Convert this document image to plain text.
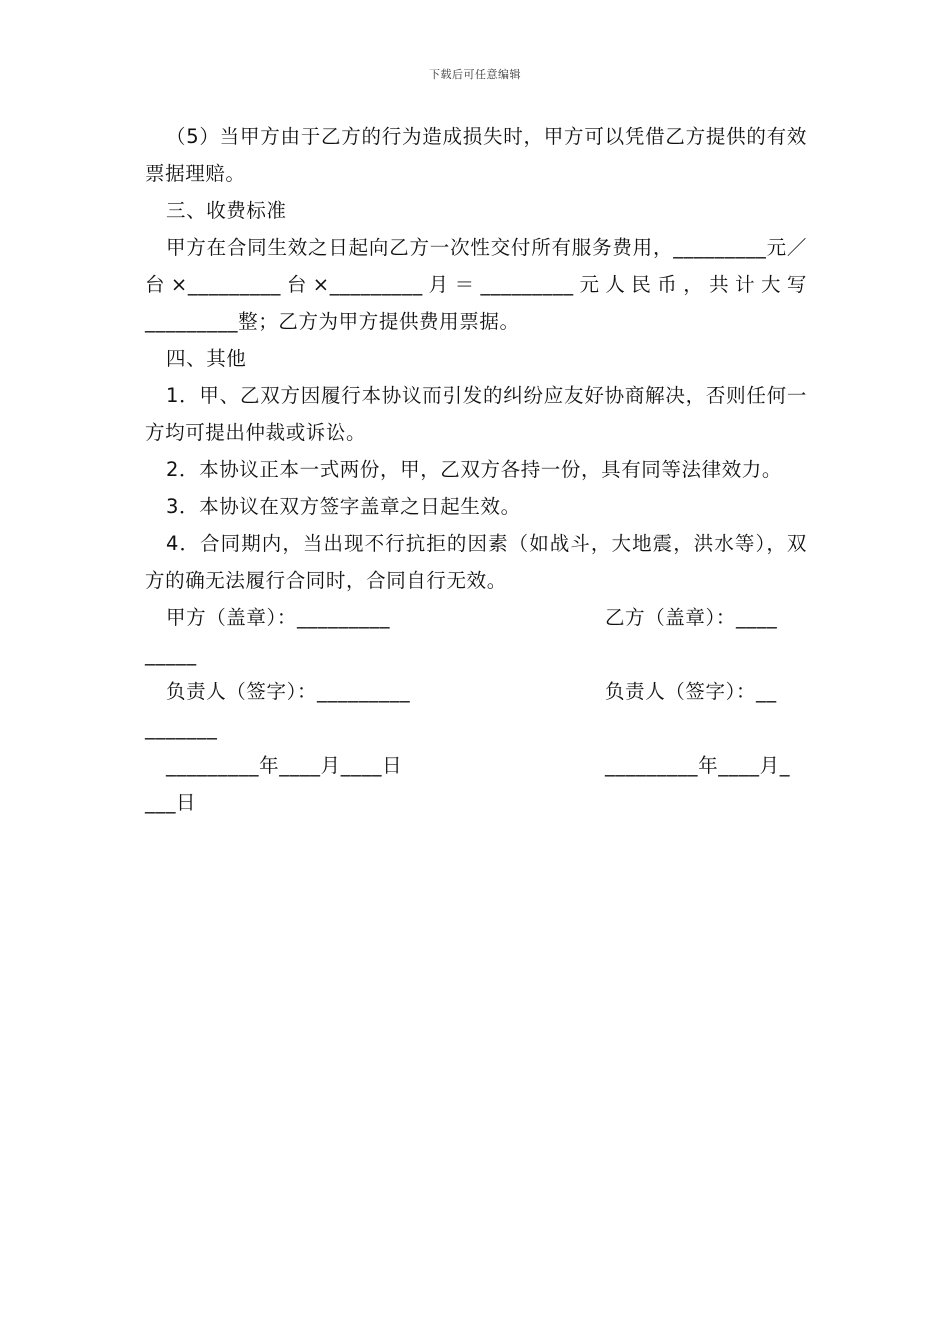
下载后可任意编辑

（5）当甲方由于乙方的行为造成损失时，甲方可以凭借乙方提供的有效票据理赔。

三、收费标准

甲方在合同生效之日起向乙方一次性交付所有服务费用，_________元／台×_________台×_________月＝_________元人民币，共计大写_________整；乙方为甲方提供费用票据。

四、其他

1．甲、乙双方因履行本协议而引发的纠纷应友好协商解决，否则任何一方均可提出仲裁或诉讼。

2．本协议正本一式两份，甲，乙双方各持一份，具有同等法律效力。

3．本协议在双方签字盖章之日起生效。

4．合同期内，当出现不行抗拒的因素（如战斗，大地震，洪水等），双方的确无法履行合同时，合同自行无效。

甲方（盖章）：_________	乙方（盖章）：____
_____
负责人（签字）：_________	负责人（签字）：__
_______
_________年____月____日	_________年____月_
___日
